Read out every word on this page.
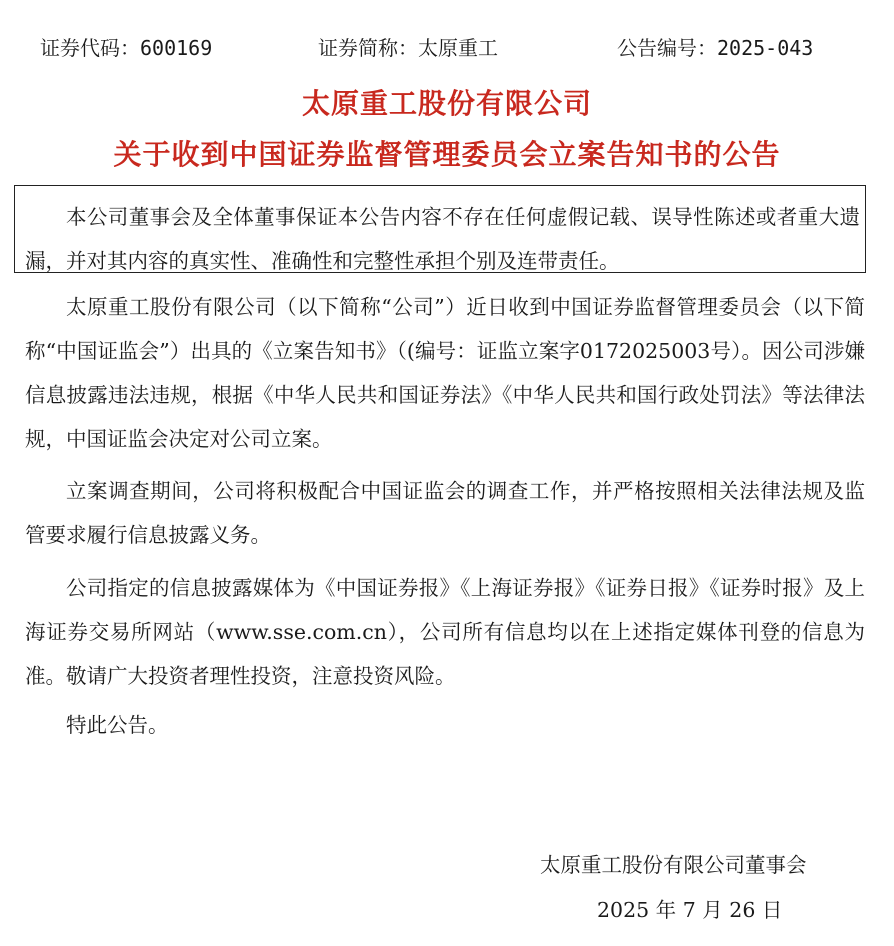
证券代码：600169	证券简称：太原重工	公告编号：2025-043
太原重工股份有限公司
关于收到中国证券监督管理委员会立案告知书的公告

本公司董事会及全体董事保证本公告内容不存在任何虚假记载、误导性陈述或者重大遗漏，并对其内容的真实性、准确性和完整性承担个别及连带责任。

太原重工股份有限公司（以下简称“公司”）近日收到中国证券监督管理委员会（以下简称“中国证监会”）出具的《立案告知书》（(编号：证监立案字0172025003号）。因公司涉嫌信息披露违法违规，根据《中华人民共和国证券法》《中华人民共和国行政处罚法》等法律法规，中国证监会决定对公司立案。

立案调查期间，公司将积极配合中国证监会的调查工作，并严格按照相关法律法规及监管要求履行信息披露义务。

公司指定的信息披露媒体为《中国证券报》《上海证券报》《证券日报》《证券时报》及上海证券交易所网站（www.sse.com.cn），公司所有信息均以在上述指定媒体刊登的信息为准。敬请广大投资者理性投资，注意投资风险。

特此公告。

太原重工股份有限公司董事会
2025 年 7 月 26 日
